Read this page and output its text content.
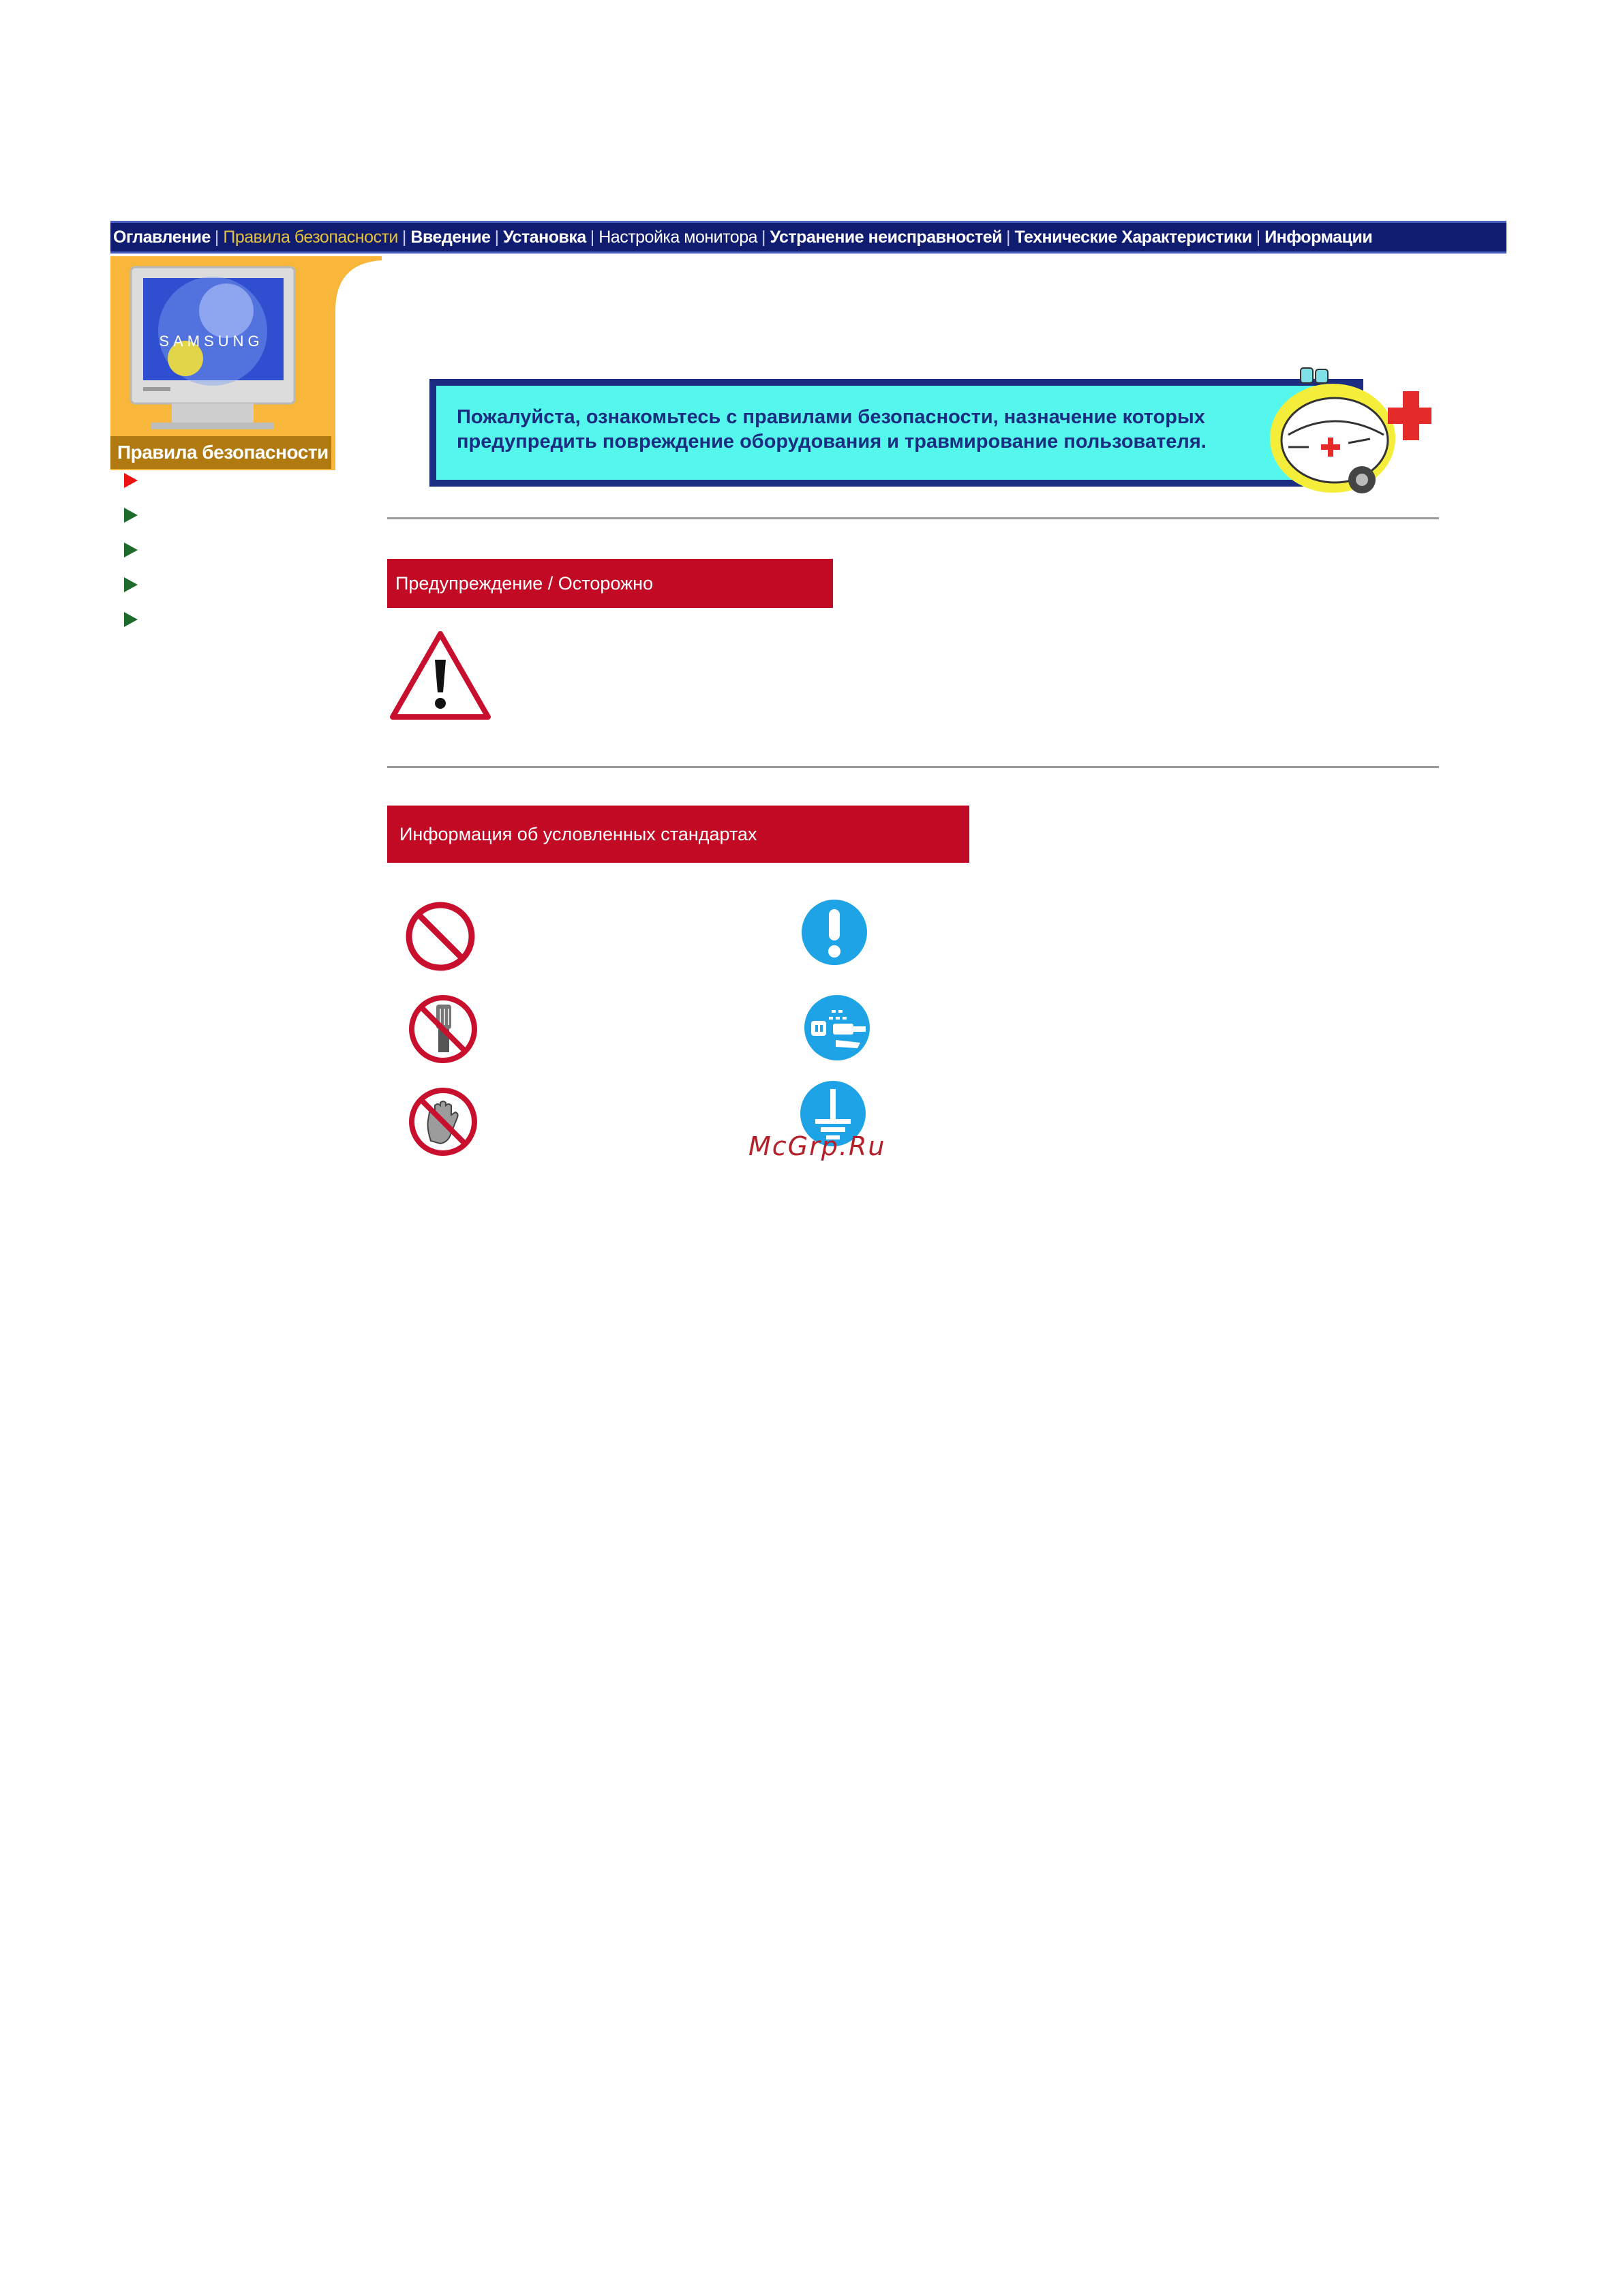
Оглавление | Правила безопасности | Введение | Установка | Настройка монитора | Устранение неисправностей | Технические Характеристики | Информации
SAMSUNG
Правила безопасности
Пожалуйста, ознакомьтесь с правилами безопасности, назначение которых
предупредить повреждение оборудования и травмирование пользователя.
Предупреждение / Осторожно
Информация об условленных стандартах
McGrp.Ru
